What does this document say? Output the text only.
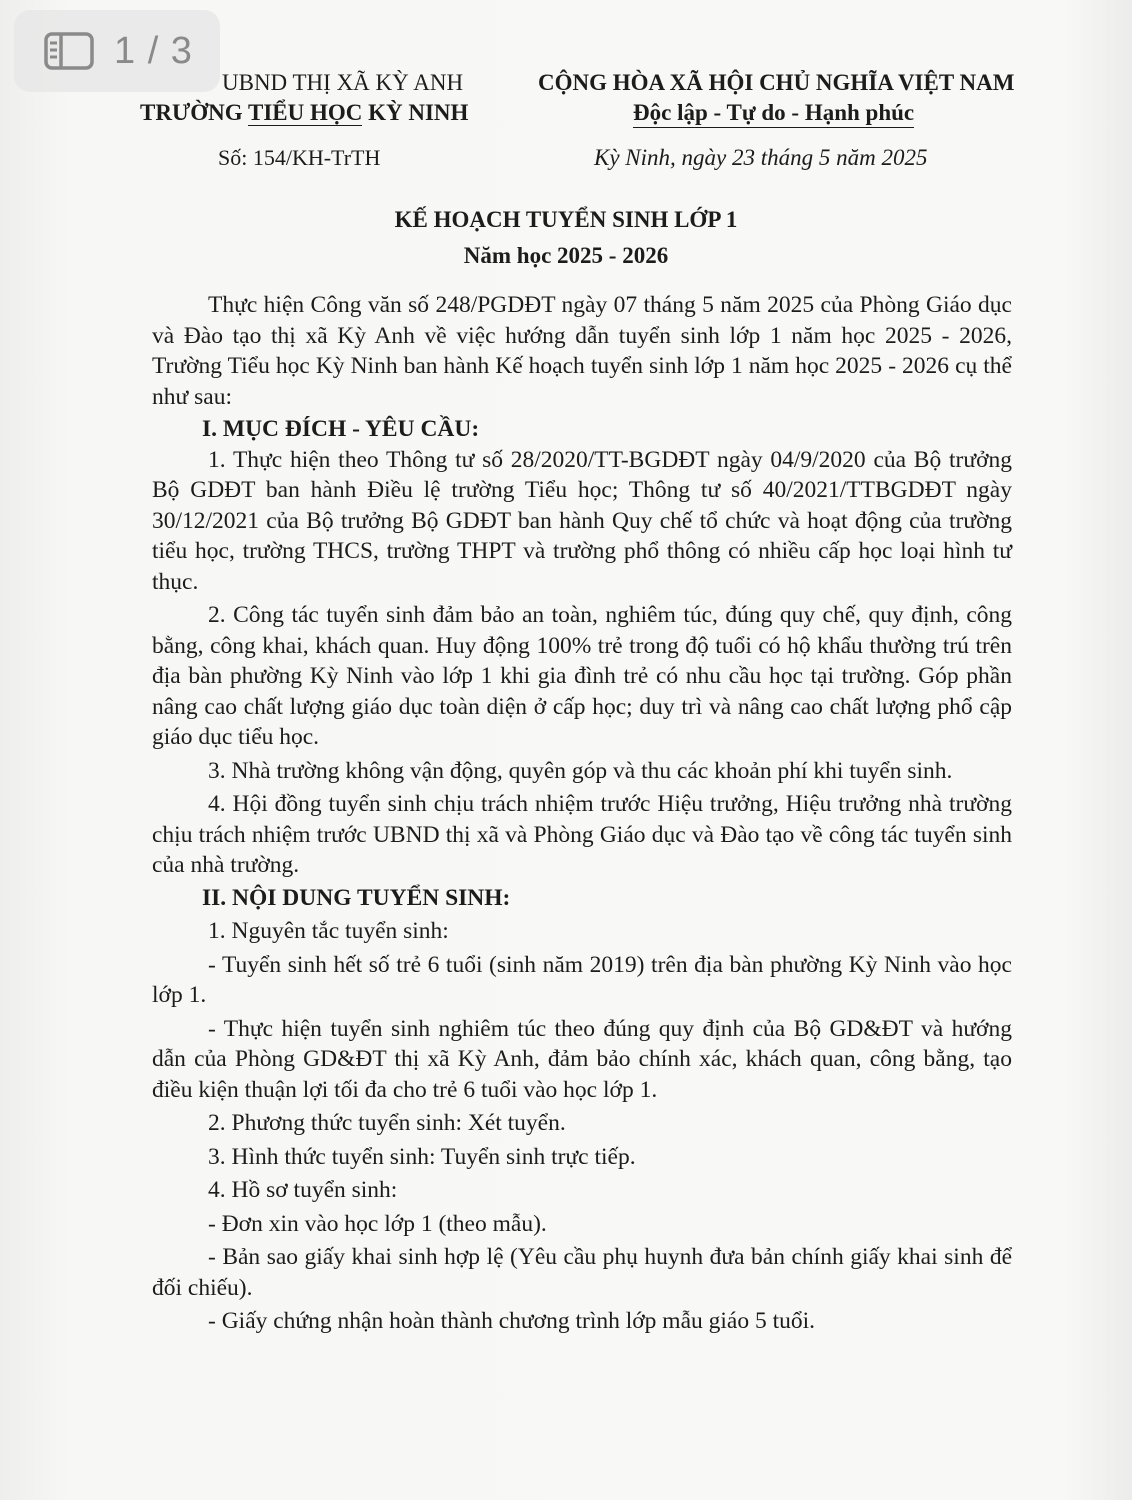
1 / 3
UBND THỊ XÃ KỲ ANH
TRƯỜNG TIỂU HỌC KỲ NINH
Số: 154/KH-TrTH
CỘNG HÒA XÃ HỘI CHỦ NGHĨA VIỆT NAM
Độc lập - Tự do - Hạnh phúc
Kỳ Ninh, ngày 23 tháng 5 năm 2025
KẾ HOẠCH TUYỂN SINH LỚP 1
Năm học 2025 - 2026

Thực hiện Công văn số 248/PGDĐT ngày 07 tháng 5 năm 2025 của Phòng Giáo dục và Đào tạo thị xã Kỳ Anh về việc hướng dẫn tuyển sinh lớp 1 năm học 2025 - 2026, Trường Tiểu học Kỳ Ninh ban hành Kế hoạch tuyển sinh lớp 1 năm học 2025 - 2026 cụ thể như sau:

I. MỤC ĐÍCH - YÊU CẦU:

1. Thực hiện theo Thông tư số 28/2020/TT-BGDĐT ngày 04/9/2020 của Bộ trưởng Bộ GDĐT ban hành Điều lệ trường Tiểu học; Thông tư số 40/2021/TTBGDĐT ngày 30/12/2021 của Bộ trưởng Bộ GDĐT ban hành Quy chế tổ chức và hoạt động của trường tiểu học, trường THCS, trường THPT và trường phổ thông có nhiều cấp học loại hình tư thục.

2. Công tác tuyển sinh đảm bảo an toàn, nghiêm túc, đúng quy chế, quy định, công bằng, công khai, khách quan. Huy động 100% trẻ trong độ tuổi có hộ khẩu thường trú trên địa bàn phường Kỳ Ninh vào lớp 1 khi gia đình trẻ có nhu cầu học tại trường. Góp phần nâng cao chất lượng giáo dục toàn diện ở cấp học; duy trì và nâng cao chất lượng phổ cập giáo dục tiểu học.

3. Nhà trường không vận động, quyên góp và thu các khoản phí khi tuyển sinh.

4. Hội đồng tuyển sinh chịu trách nhiệm trước Hiệu trưởng, Hiệu trưởng nhà trường chịu trách nhiệm trước UBND thị xã và Phòng Giáo dục và Đào tạo về công tác tuyển sinh của nhà trường.

II. NỘI DUNG TUYỂN SINH:

1. Nguyên tắc tuyển sinh:

- Tuyển sinh hết số trẻ 6 tuổi (sinh năm 2019) trên địa bàn phường Kỳ Ninh vào học lớp 1.

- Thực hiện tuyển sinh nghiêm túc theo đúng quy định của Bộ GD&ĐT và hướng dẫn của Phòng GD&ĐT thị xã Kỳ Anh, đảm bảo chính xác, khách quan, công bằng, tạo điều kiện thuận lợi tối đa cho trẻ 6 tuổi vào học lớp 1.

2. Phương thức tuyển sinh: Xét tuyển.

3. Hình thức tuyển sinh: Tuyển sinh trực tiếp.

4. Hồ sơ tuyển sinh:

- Đơn xin vào học lớp 1 (theo mẫu).

- Bản sao giấy khai sinh hợp lệ (Yêu cầu phụ huynh đưa bản chính giấy khai sinh để đối chiếu).

- Giấy chứng nhận hoàn thành chương trình lớp mẫu giáo 5 tuổi.
